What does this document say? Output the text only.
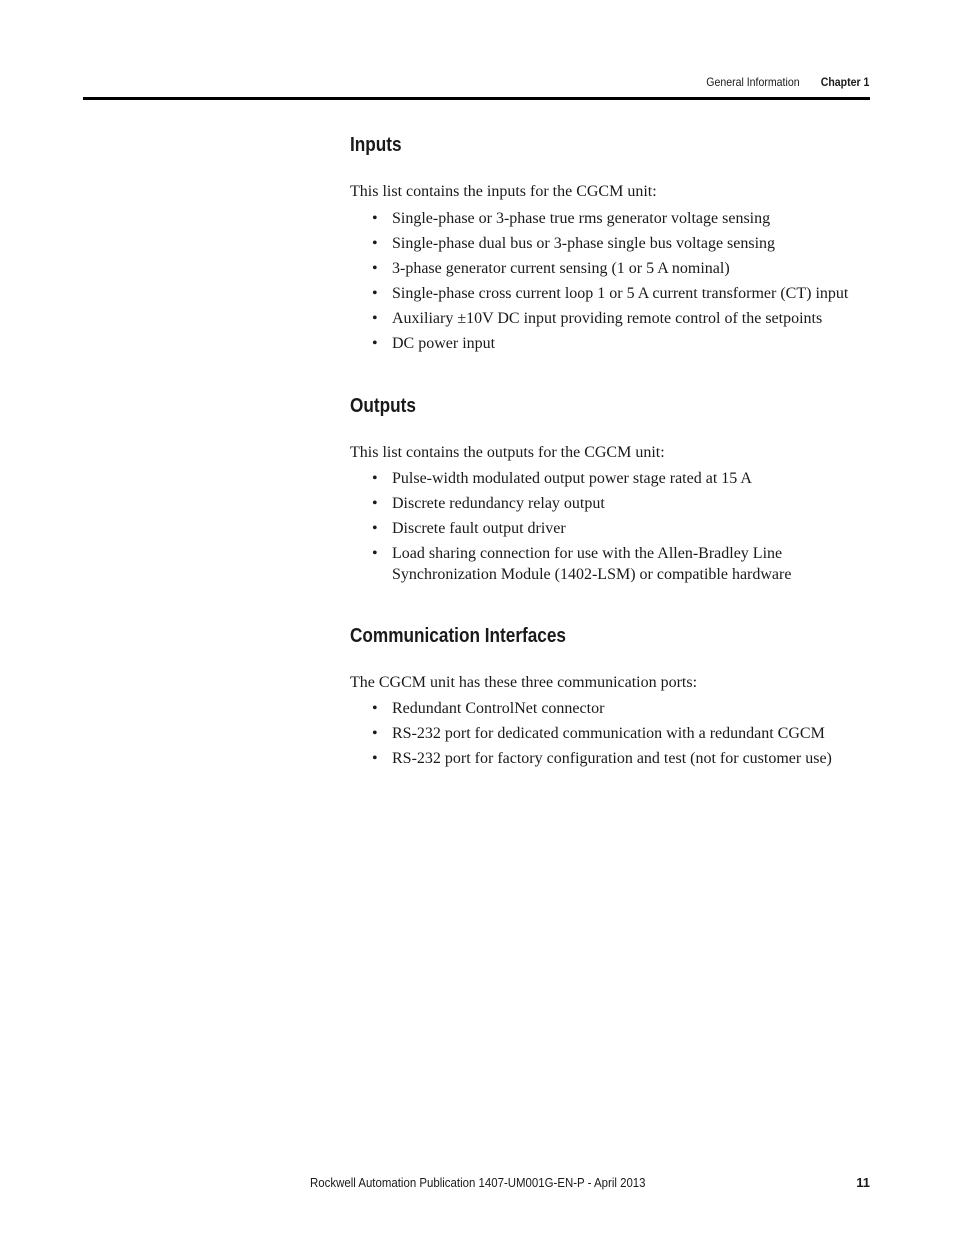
General Information Chapter 1
Inputs

This list contains the inputs for the CGCM unit:

• Single-phase or 3-phase true rms generator voltage sensing
• Single-phase dual bus or 3-phase single bus voltage sensing
• 3-phase generator current sensing (1 or 5 A nominal)
• Single-phase cross current loop 1 or 5 A current transformer (CT) input
• Auxiliary ±10V DC input providing remote control of the setpoints
• DC power input
Outputs

This list contains the outputs for the CGCM unit:

• Pulse-width modulated output power stage rated at 15 A
• Discrete redundancy relay output
• Discrete fault output driver
• Load sharing connection for use with the Allen-Bradley Line Synchronization Module (1402-LSM) or compatible hardware
Communication Interfaces

The CGCM unit has these three communication ports:

• Redundant ControlNet connector
• RS-232 port for dedicated communication with a redundant CGCM
• RS-232 port for factory configuration and test (not for customer use)
Rockwell Automation Publication 1407-UM001G-EN-P - April 2013	11
